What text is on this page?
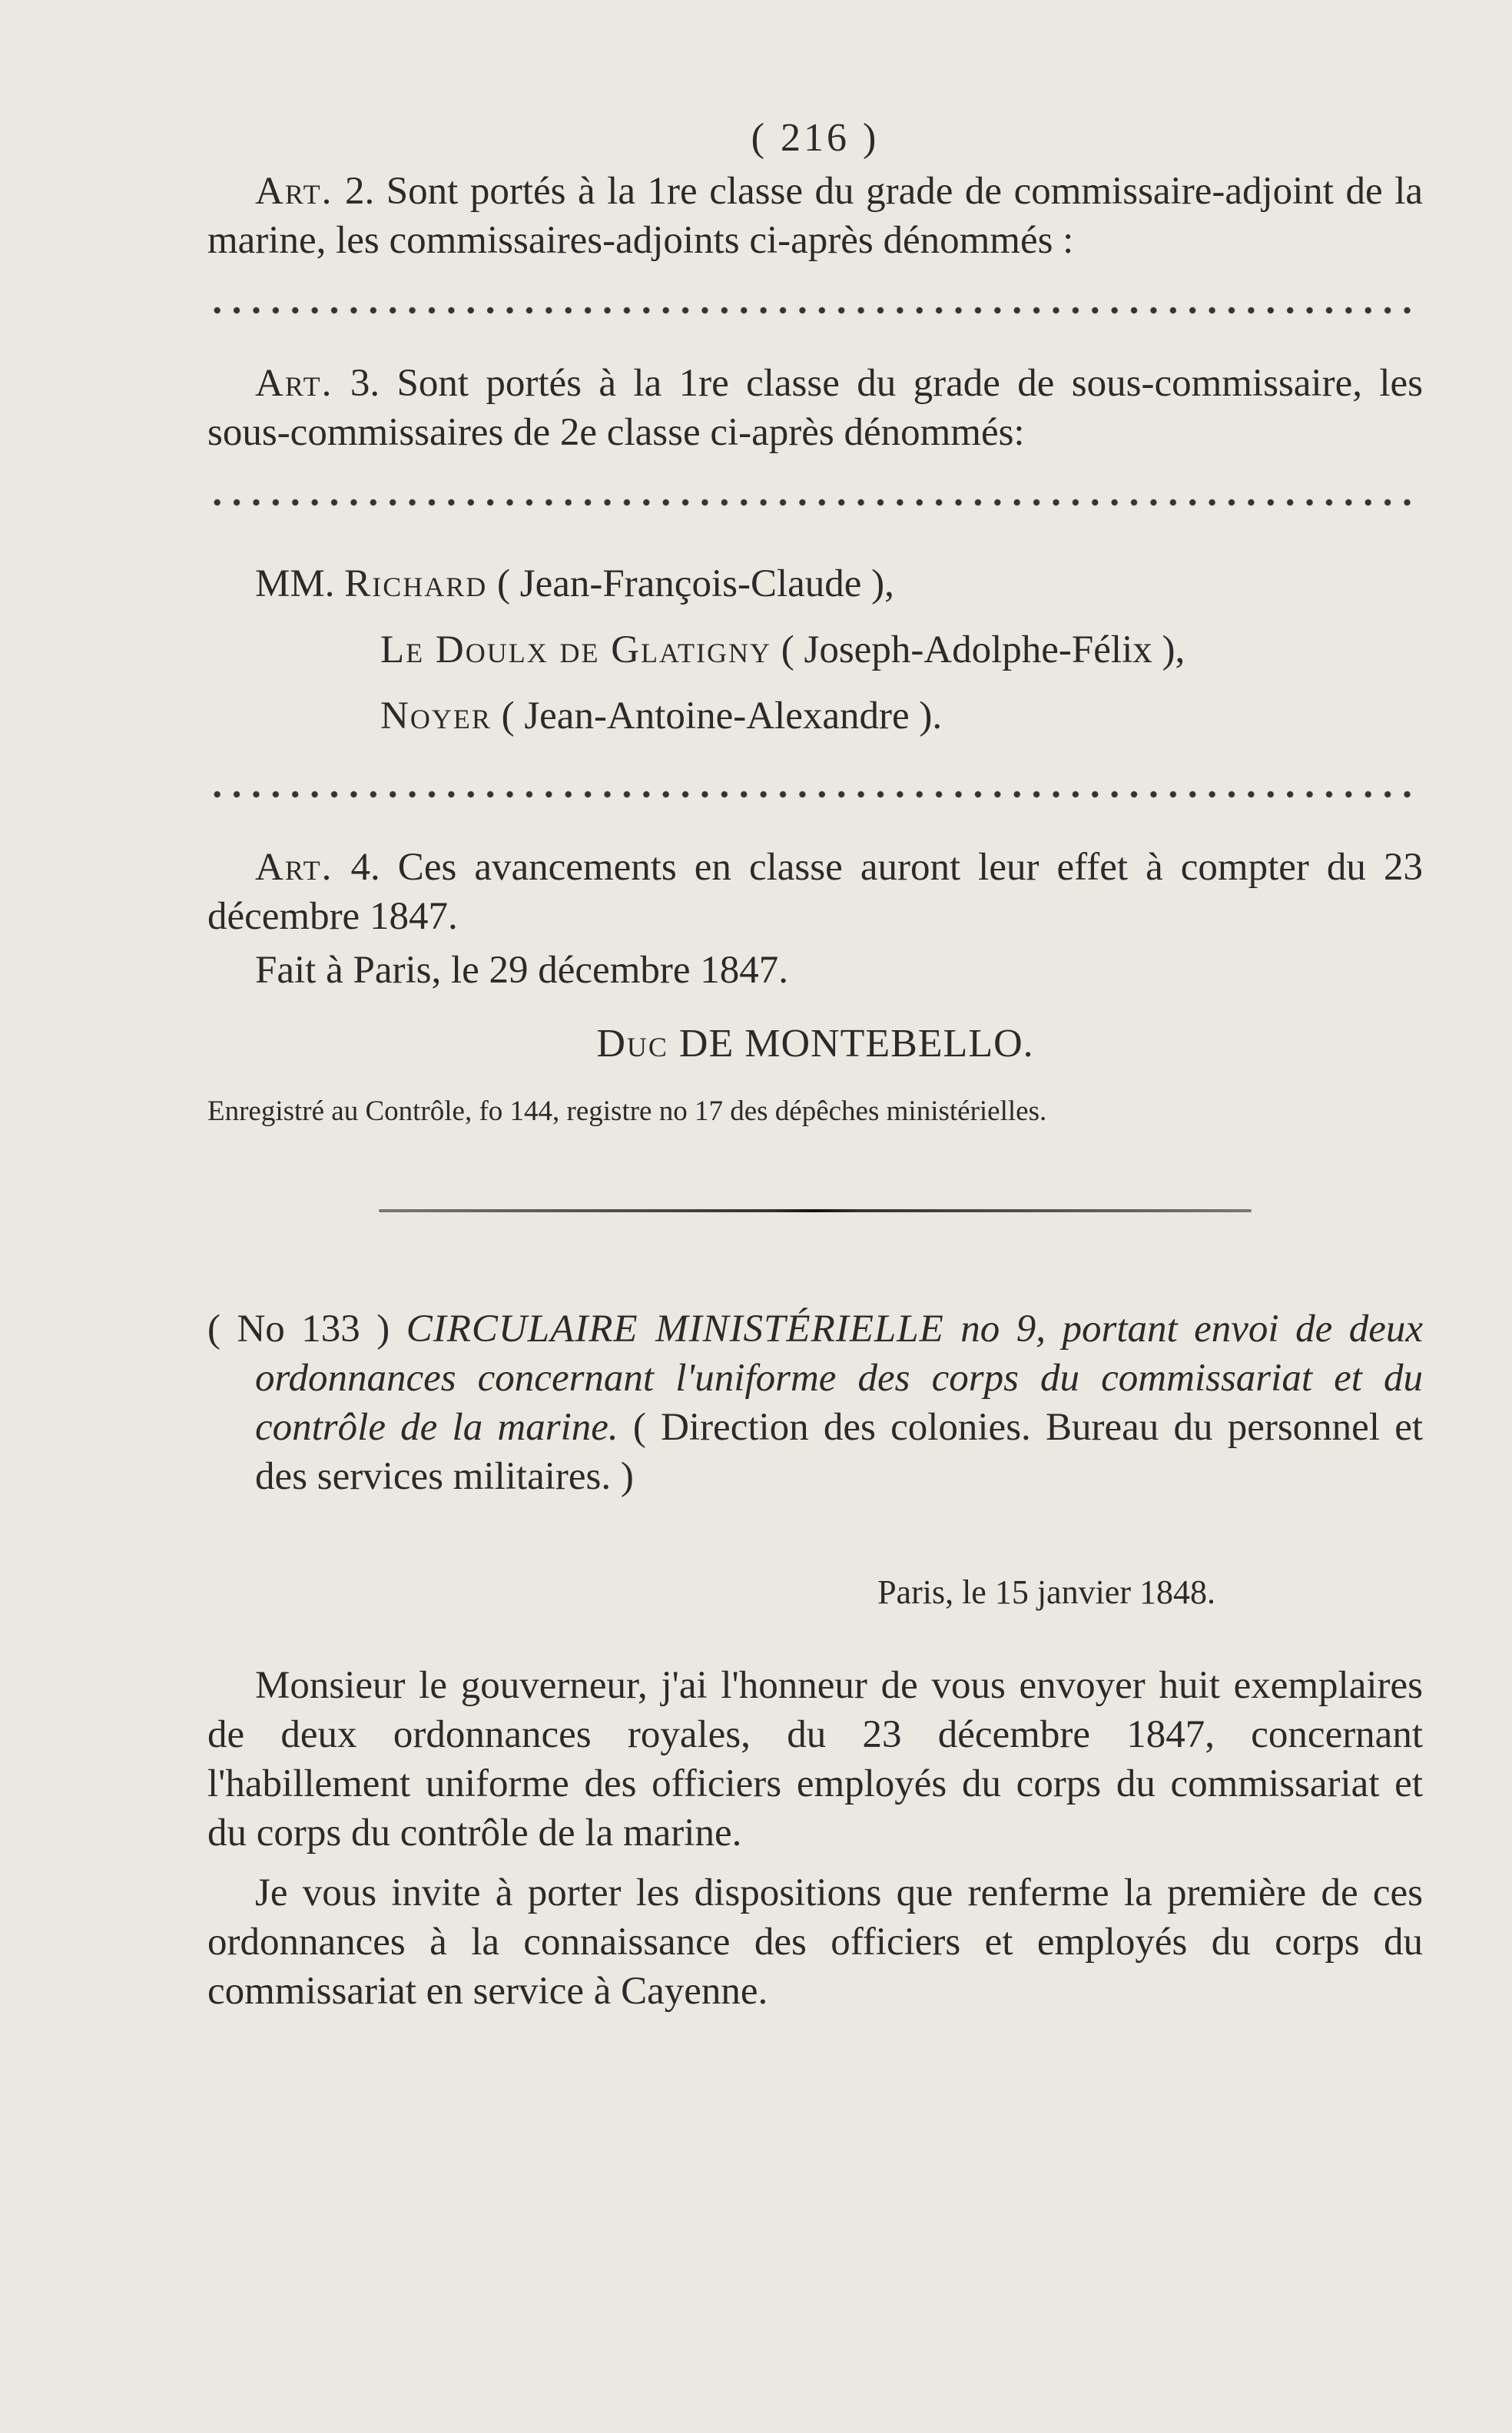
( 216 )

Art. 2. Sont portés à la 1re classe du grade de commissaire-adjoint de la marine, les commissaires-adjoints ci-après dénommés :

Art. 3. Sont portés à la 1re classe du grade de sous-commissaire, les sous-commissaires de 2e classe ci-après dénommés:

MM. Richard ( Jean-François-Claude ),
Le Doulx de Glatigny ( Joseph-Adolphe-Félix ),
Noyer ( Jean-Antoine-Alexandre ).

Art. 4. Ces avancements en classe auront leur effet à compter du 23 décembre 1847.

Fait à Paris, le 29 décembre 1847.

Duc DE MONTEBELLO.

Enregistré au Contrôle, fo 144, registre no 17 des dépêches ministérielles.

( No 133 ) CIRCULAIRE MINISTÉRIELLE no 9, portant envoi de deux ordonnances concernant l'uniforme des corps du commissariat et du contrôle de la marine. ( Direction des colonies. Bureau du personnel et des services militaires. )

Paris, le 15 janvier 1848.

Monsieur le gouverneur, j'ai l'honneur de vous envoyer huit exemplaires de deux ordonnances royales, du 23 décembre 1847, concernant l'habillement uniforme des officiers employés du corps du commissariat et du corps du contrôle de la marine.

Je vous invite à porter les dispositions que renferme la première de ces ordonnances à la connaissance des officiers et employés du corps du commissariat en service à Cayenne.
